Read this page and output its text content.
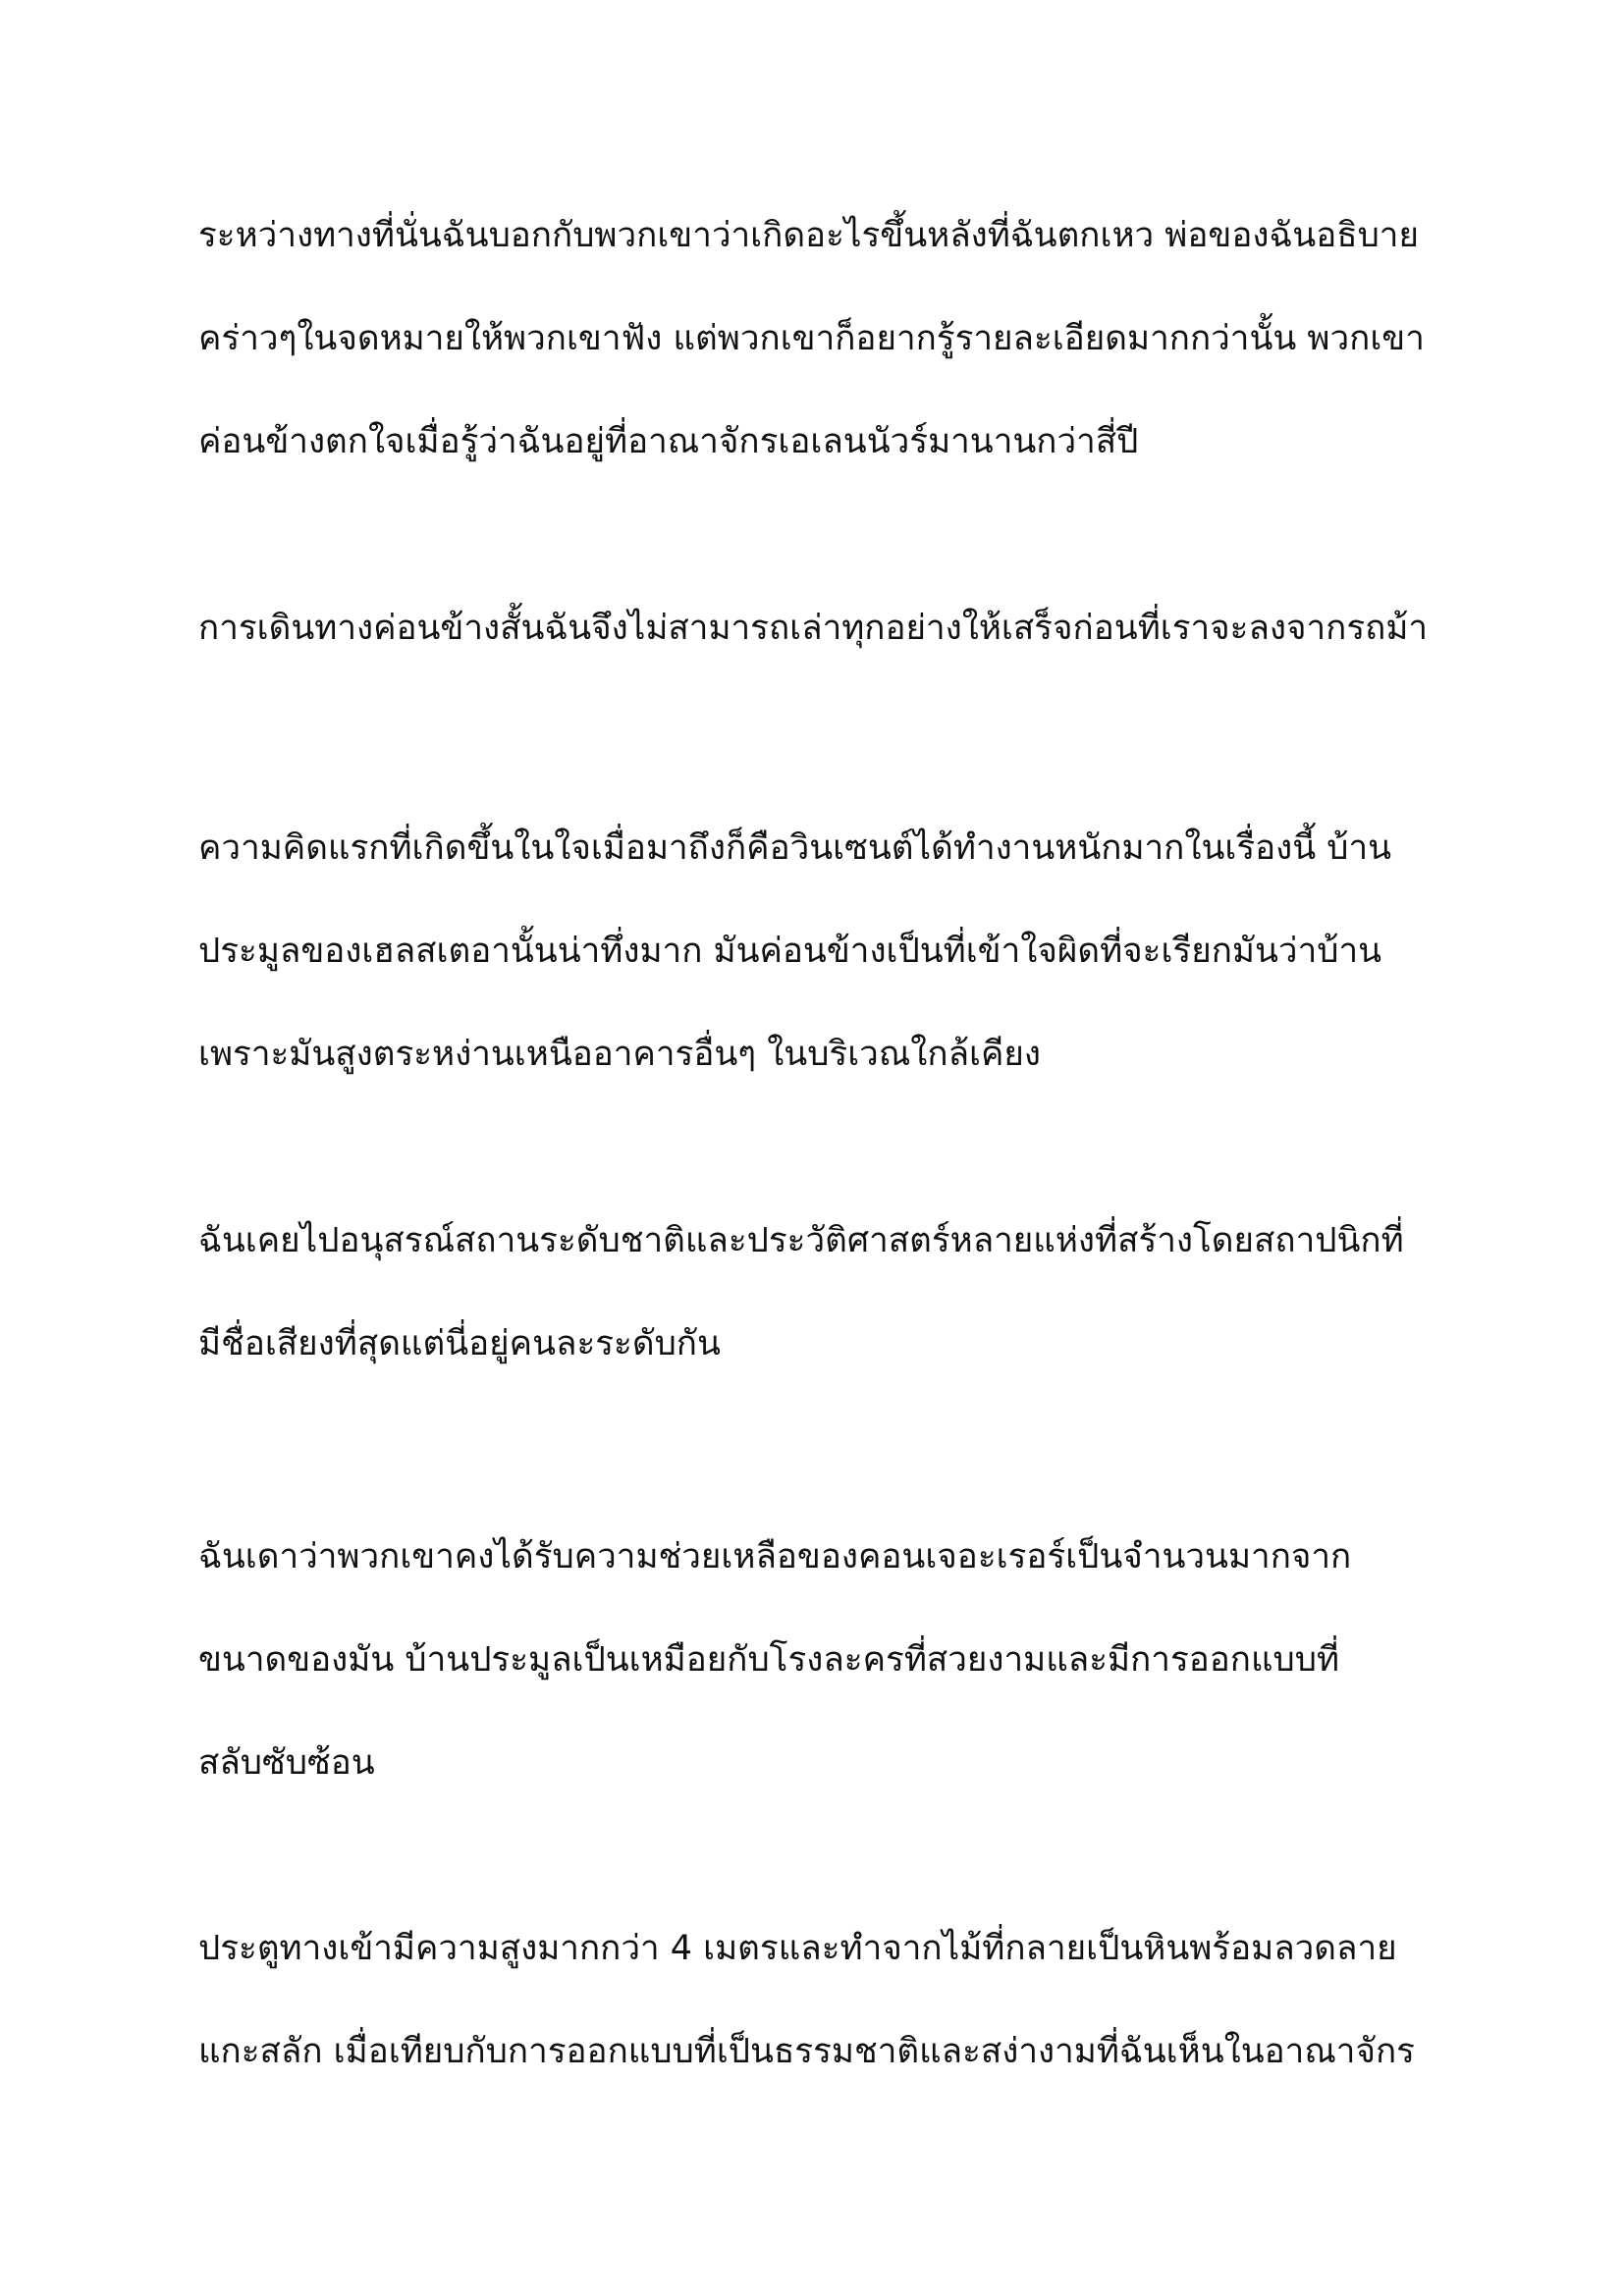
ระหว่างทางที่นั่นฉันบอกกับพวกเขาว่าเกิดอะไรขึ้นหลังที่ฉันตกเหว พ่อของฉันอธิบาย
คร่าวๆในจดหมายให้พวกเขาฟัง แต่พวกเขาก็อยากรู้รายละเอียดมากกว่านั้น พวกเขา
ค่อนข้างตกใจเมื่อรู้ว่าฉันอยู่ที่อาณาจักรเอเลนนัวร์มานานกว่าสี่ปี

การเดินทางค่อนข้างสั้นฉันจึงไม่สามารถเล่าทุกอย่างให้เสร็จก่อนที่เราจะลงจากรถม้า

ความคิดแรกที่เกิดขึ้นในใจเมื่อมาถึงก็คือวินเซนต์ได้ทำงานหนักมากในเรื่องนี้ บ้าน
ประมูลของเฮลสเตอานั้นน่าทึ่งมาก มันค่อนข้างเป็นที่เข้าใจผิดที่จะเรียกมันว่าบ้าน
เพราะมันสูงตระหง่านเหนืออาคารอื่นๆ ในบริเวณใกล้เคียง

ฉันเคยไปอนุสรณ์สถานระดับชาติและประวัติศาสตร์หลายแห่งที่สร้างโดยสถาปนิกที่
มีชื่อเสียงที่สุดแต่นี่อยู่คนละระดับกัน

ฉันเดาว่าพวกเขาคงได้รับความช่วยเหลือของคอนเจอะเรอร์เป็นจำนวนมากจาก
ขนาดของมัน บ้านประมูลเป็นเหมือยกับโรงละครที่สวยงามและมีการออกแบบที่
สลับซับซ้อน

ประตูทางเข้ามีความสูงมากกว่า 4 เมตรและทำจากไม้ที่กลายเป็นหินพร้อมลวดลาย
แกะสลัก เมื่อเทียบกับการออกแบบที่เป็นธรรมชาติและสง่างามที่ฉันเห็นในอาณาจักร
